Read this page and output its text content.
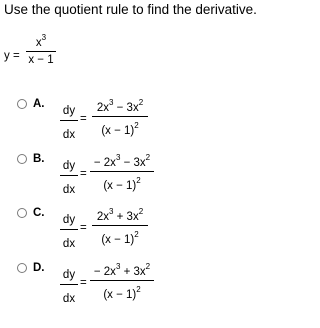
Use the quotient rule to find the derivative.
y =
$x^3$
x − 1
A.
dy
dx
=
$2x^3 - 3x^2$
$(x - 1)^2$
B.
dy
dx
=
− $2x^3 - 3x^2$
$(x - 1)^2$
C.
dy
dx
=
$2x^3 + 3x^2$
$(x - 1)^2$
D.
dy
dx
=
− $2x^3 + 3x^2$
$(x - 1)^2$
